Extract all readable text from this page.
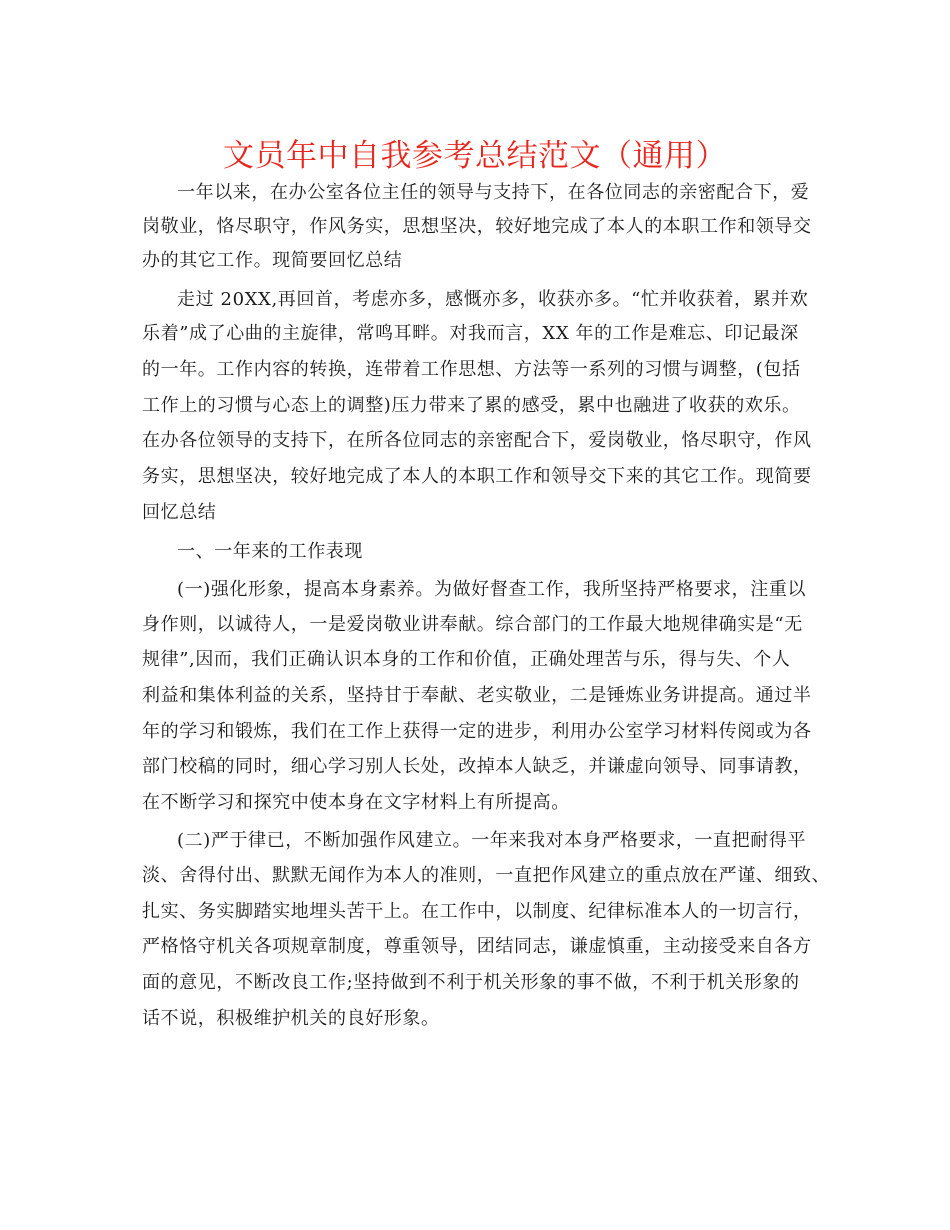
文员年中自我参考总结范文（通用）
一年以来，在办公室各位主任的领导与支持下，在各位同志的亲密配合下，爱
岗敬业，恪尽职守，作风务实，思想坚决，较好地完成了本人的本职工作和领导交
办的其它工作。现简要回忆总结
走过 20XX,再回首，考虑亦多，感慨亦多，收获亦多。“忙并收获着，累并欢
乐着”成了心曲的主旋律，常鸣耳畔。对我而言，XX 年的工作是难忘、印记最深
的一年。工作内容的转换，连带着工作思想、方法等一系列的习惯与调整，(包括
工作上的习惯与心态上的调整)压力带来了累的感受，累中也融进了收获的欢乐。
在办各位领导的支持下，在所各位同志的亲密配合下，爱岗敬业，恪尽职守，作风
务实，思想坚决，较好地完成了本人的本职工作和领导交下来的其它工作。现简要
回忆总结
一、一年来的工作表现
(一)强化形象，提高本身素养。为做好督查工作，我所坚持严格要求，注重以
身作则，以诚待人，一是爱岗敬业讲奉献。综合部门的工作最大地规律确实是“无
规律”,因而，我们正确认识本身的工作和价值，正确处理苦与乐，得与失、个人
利益和集体利益的关系，坚持甘于奉献、老实敬业，二是锤炼业务讲提高。通过半
年的学习和锻炼，我们在工作上获得一定的进步，利用办公室学习材料传阅或为各
部门校稿的同时，细心学习别人长处，改掉本人缺乏，并谦虚向领导、同事请教，
在不断学习和探究中使本身在文字材料上有所提高。
(二)严于律已，不断加强作风建立。一年来我对本身严格要求，一直把耐得平
淡、舍得付出、默默无闻作为本人的准则，一直把作风建立的重点放在严谨、细致、
扎实、务实脚踏实地埋头苦干上。在工作中，以制度、纪律标准本人的一切言行，
严格恪守机关各项规章制度，尊重领导，团结同志，谦虚慎重，主动接受来自各方
面的意见，不断改良工作;坚持做到不利于机关形象的事不做，不利于机关形象的
话不说，积极维护机关的良好形象。
